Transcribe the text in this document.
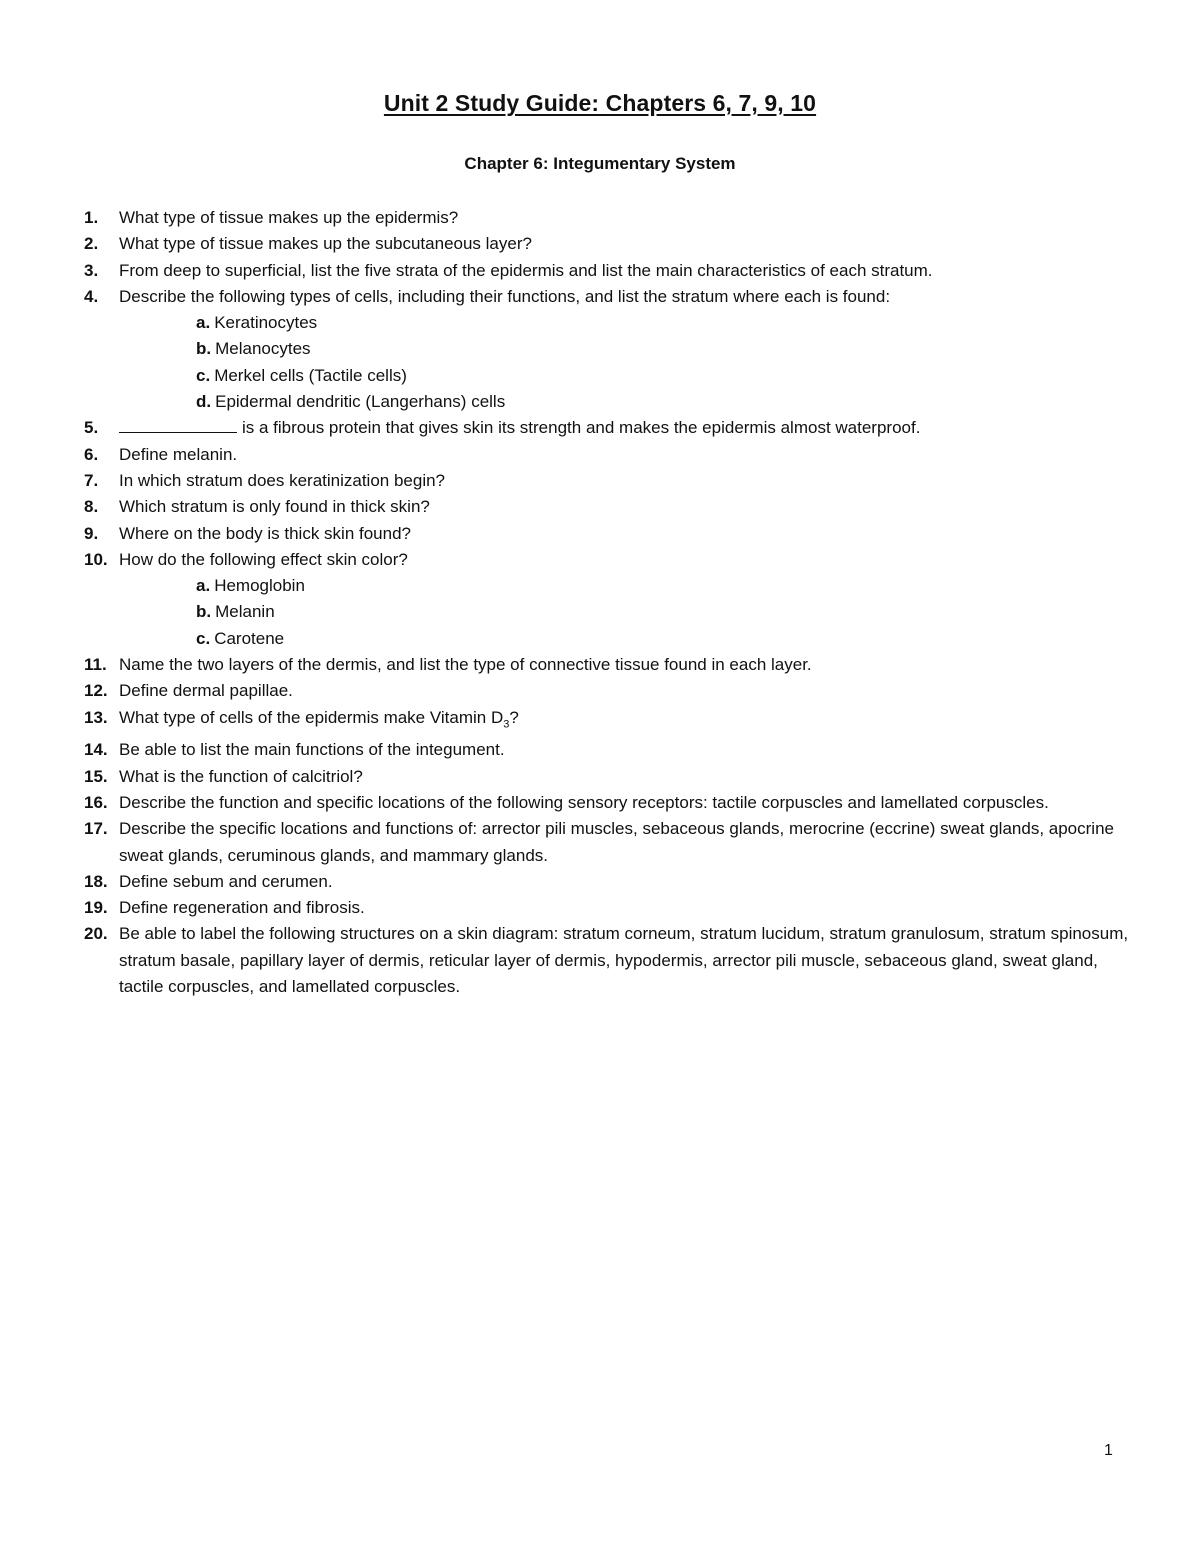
Unit 2 Study Guide: Chapters 6, 7, 9, 10
Chapter 6: Integumentary System
1. What type of tissue makes up the epidermis?
2. What type of tissue makes up the subcutaneous layer?
3. From deep to superficial, list the five strata of the epidermis and list the main characteristics of each stratum.
4. Describe the following types of cells, including their functions, and list the stratum where each is found:
a. Keratinocytes
b. Melanocytes
c. Merkel cells (Tactile cells)
d. Epidermal dendritic (Langerhans) cells
5.	is a fibrous protein that gives skin its strength and makes the epidermis almost waterproof.
6. Define melanin.
7. In which stratum does keratinization begin?
8. Which stratum is only found in thick skin?
9. Where on the body is thick skin found?
10. How do the following effect skin color?
a. Hemoglobin
b. Melanin
c. Carotene
11. Name the two layers of the dermis, and list the type of connective tissue found in each layer.
12. Define dermal papillae.
13. What type of cells of the epidermis make Vitamin $D_3$?
14. Be able to list the main functions of the integument.
15. What is the function of calcitriol?
16. Describe the function and specific locations of the following sensory receptors: tactile corpuscles and lamellated corpuscles.
17. Describe the specific locations and functions of: arrector pili muscles, sebaceous glands, merocrine (eccrine) sweat glands, apocrine sweat glands, ceruminous glands, and mammary glands.
18. Define sebum and cerumen.
19. Define regeneration and fibrosis.
20. Be able to label the following structures on a skin diagram: stratum corneum, stratum lucidum, stratum granulosum, stratum spinosum, stratum basale, papillary layer of dermis, reticular layer of dermis, hypodermis, arrector pili muscle, sebaceous gland, sweat gland, tactile corpuscles, and lamellated corpuscles.
1
